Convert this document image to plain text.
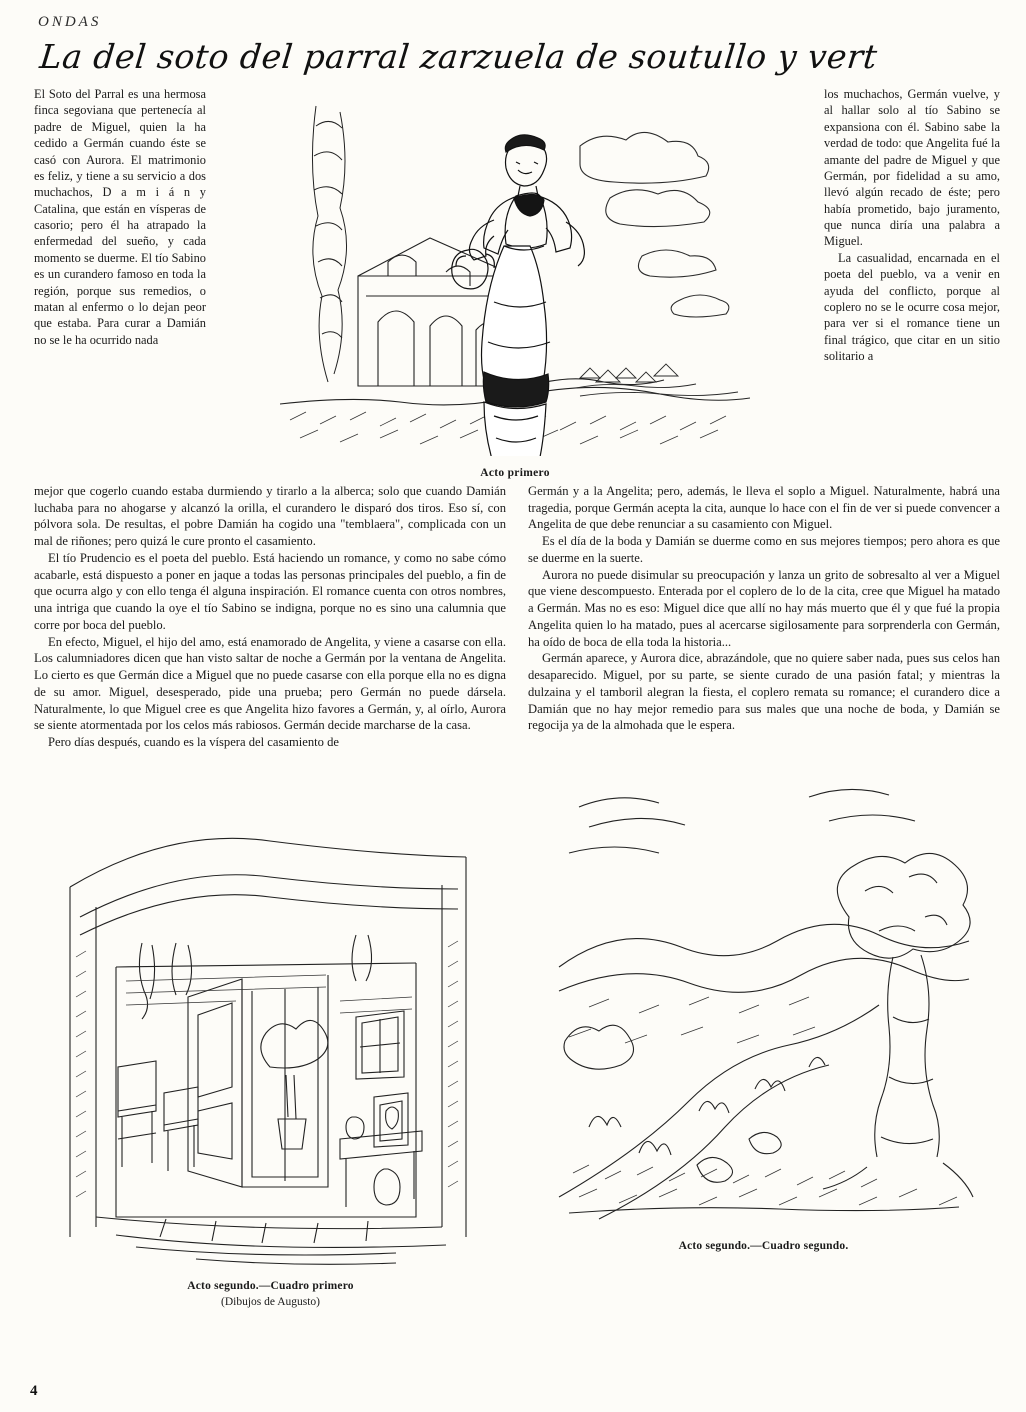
ONDAS
La del soto del parral zarzuela de soutullo y vert

El Soto del Parral es una hermosa finca segoviana que pertenecía al padre de Miguel, quien la ha cedido a Germán cuando éste se casó con Aurora. El matrimonio es feliz, y tiene a su servicio a dos muchachos, D a m i á n y Catalina, que están en vísperas de casorio; pero él ha atrapado la enfermedad del sueño, y cada momento se duerme. El tío Sabino es un curandero famoso en toda la región, porque sus remedios, o matan al enfermo o lo dejan peor que estaba. Para curar a Damián no se le ha ocurrido nada

Acto primero

los muchachos, Germán vuelve, y al hallar solo al tío Sabino se expansiona con él. Sabino sabe la verdad de todo: que Angelita fué la amante del padre de Miguel y que Germán, por fidelidad a su amo, llevó algún recado de éste; pero había prometido, bajo juramento, que nunca diría una palabra a Miguel.

La casualidad, encarnada en el poeta del pueblo, va a venir en ayuda del conflicto, porque al coplero no se le ocurre cosa mejor, para ver si el romance tiene un final trágico, que citar en un sitio solitario a

mejor que cogerlo cuando estaba durmiendo y tirarlo a la alberca; solo que cuando Damián luchaba para no ahogarse y alcanzó la orilla, el curandero le disparó dos tiros. Eso sí, con pólvora sola. De resultas, el pobre Damián ha cogido una "temblaera", complicada con un mal de riñones; pero quizá le cure pronto el casamiento.

El tío Prudencio es el poeta del pueblo. Está haciendo un romance, y como no sabe cómo acabarle, está dispuesto a poner en jaque a todas las personas principales del pueblo, a fin de que ocurra algo y con ello tenga él alguna inspiración. El romance cuenta con otros nombres, una intriga que cuando la oye el tío Sabino se indigna, porque no es sino una calumnia que corre por boca del pueblo.

En efecto, Miguel, el hijo del amo, está enamorado de Angelita, y viene a casarse con ella. Los calumniadores dicen que han visto saltar de noche a Germán por la ventana de Angelita. Lo cierto es que Germán dice a Miguel que no puede casarse con ella porque ella no es digna de su amor. Miguel, desesperado, pide una prueba; pero Germán no puede dársela. Naturalmente, lo que Miguel cree es que Angelita hizo favores a Germán, y, al oírlo, Aurora se siente atormentada por los celos más rabiosos. Germán decide marcharse de la casa.

Pero días después, cuando es la víspera del casamiento de

Germán y a la Angelita; pero, además, le lleva el soplo a Miguel. Naturalmente, habrá una tragedia, porque Germán acepta la cita, aunque lo hace con el fin de ver si puede convencer a Angelita de que debe renunciar a su casamiento con Miguel.

Es el día de la boda y Damián se duerme como en sus mejores tiempos; pero ahora es que se duerme en la suerte.

Aurora no puede disimular su preocupación y lanza un grito de sobresalto al ver a Miguel que viene descompuesto. Enterada por el coplero de lo de la cita, cree que Miguel ha matado a Germán. Mas no es eso: Miguel dice que allí no hay más muerto que él y que fué la propia Angelita quien lo ha matado, pues al acercarse sigilosamente para sorprenderla con Germán, ha oído de boca de ella toda la historia...

Germán aparece, y Aurora dice, abrazándole, que no quiere saber nada, pues sus celos han desaparecido. Miguel, por su parte, se siente curado de una pasión fatal; y mientras la dulzaina y el tamboril alegran la fiesta, el coplero remata su romance; el curandero dice a Damián que no hay mejor remedio para sus males que una noche de boda, y Damián se regocija ya de la almohada que le espera.

Acto segundo.—Cuadro primero
(Dibujos de Augusto)
Acto segundo.—Cuadro segundo.
4
